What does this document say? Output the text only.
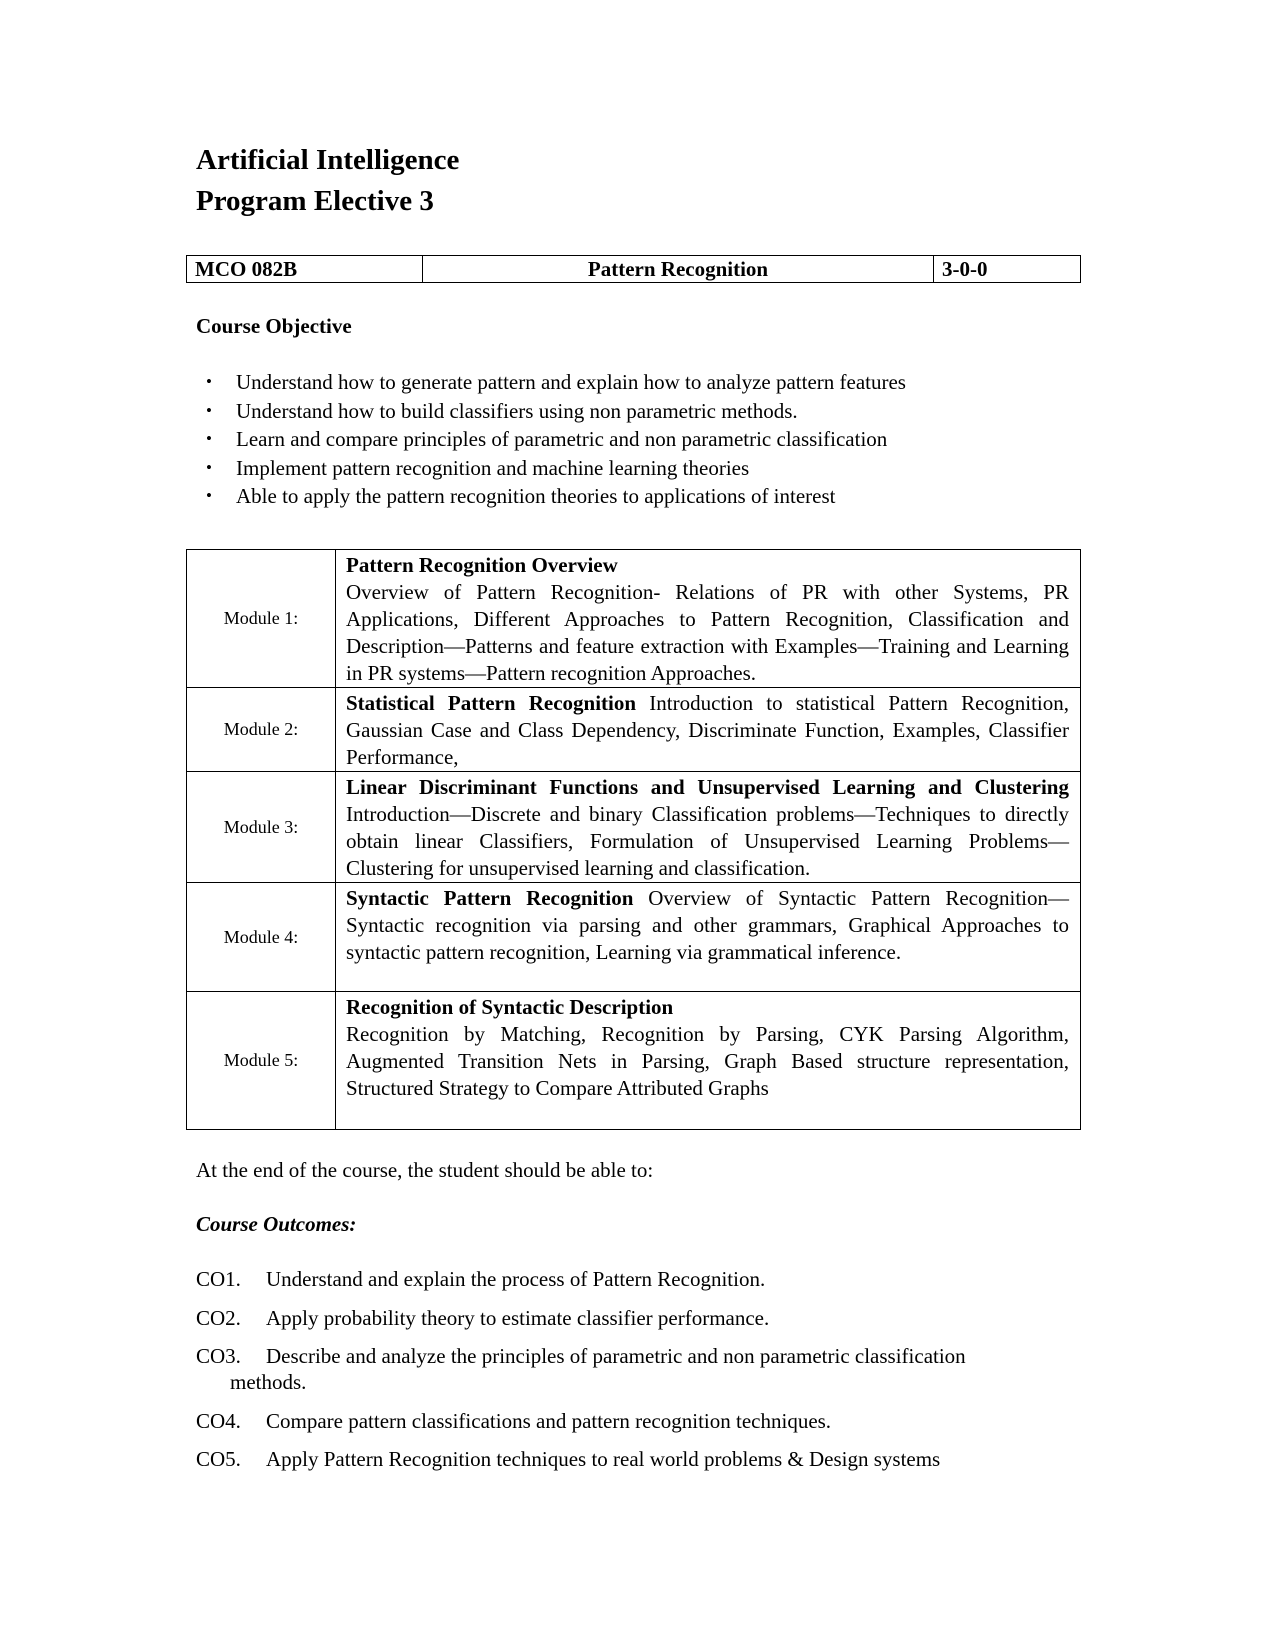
Artificial Intelligence
Program Elective 3
MCO 082B	Pattern Recognition	3-0-0
Course Objective
• Understand how to generate pattern and explain how to analyze pattern features
• Understand how to build classifiers using non parametric methods.
• Learn and compare principles of parametric and non parametric classification
• Implement pattern recognition and machine learning theories
• Able to apply the pattern recognition theories to applications of interest
Module 1:	Pattern Recognition Overview
Overview of Pattern Recognition- Relations of PR with other Systems, PR Applications, Different Approaches to Pattern Recognition, Classification and Description—Patterns and feature extraction with Examples—Training and Learning in PR systems—Pattern recognition Approaches.
Module 2:	Statistical Pattern Recognition Introduction to statistical Pattern Recognition, Gaussian Case and Class Dependency, Discriminate Function, Examples, Classifier Performance,
Module 3:	Linear Discriminant Functions and Unsupervised Learning and Clustering Introduction—Discrete and binary Classification problems—Techniques to directly obtain linear Classifiers, Formulation of Unsupervised Learning Problems—Clustering for unsupervised learning and classification.
Module 4:	Syntactic Pattern Recognition Overview of Syntactic Pattern Recognition—Syntactic recognition via parsing and other grammars, Graphical Approaches to syntactic pattern recognition, Learning via grammatical inference.
Module 5:	Recognition of Syntactic Description
Recognition by Matching, Recognition by Parsing, CYK Parsing Algorithm, Augmented Transition Nets in Parsing, Graph Based structure representation, Structured Strategy to Compare Attributed Graphs
At the end of the course, the student should be able to:
Course Outcomes:
CO1. Understand and explain the process of Pattern Recognition.
CO2. Apply probability theory to estimate classifier performance.
CO3. Describe and analyze the principles of parametric and non parametric classification
methods.
CO4. Compare pattern classifications and pattern recognition techniques.
CO5. Apply Pattern Recognition techniques to real world problems & Design systems
